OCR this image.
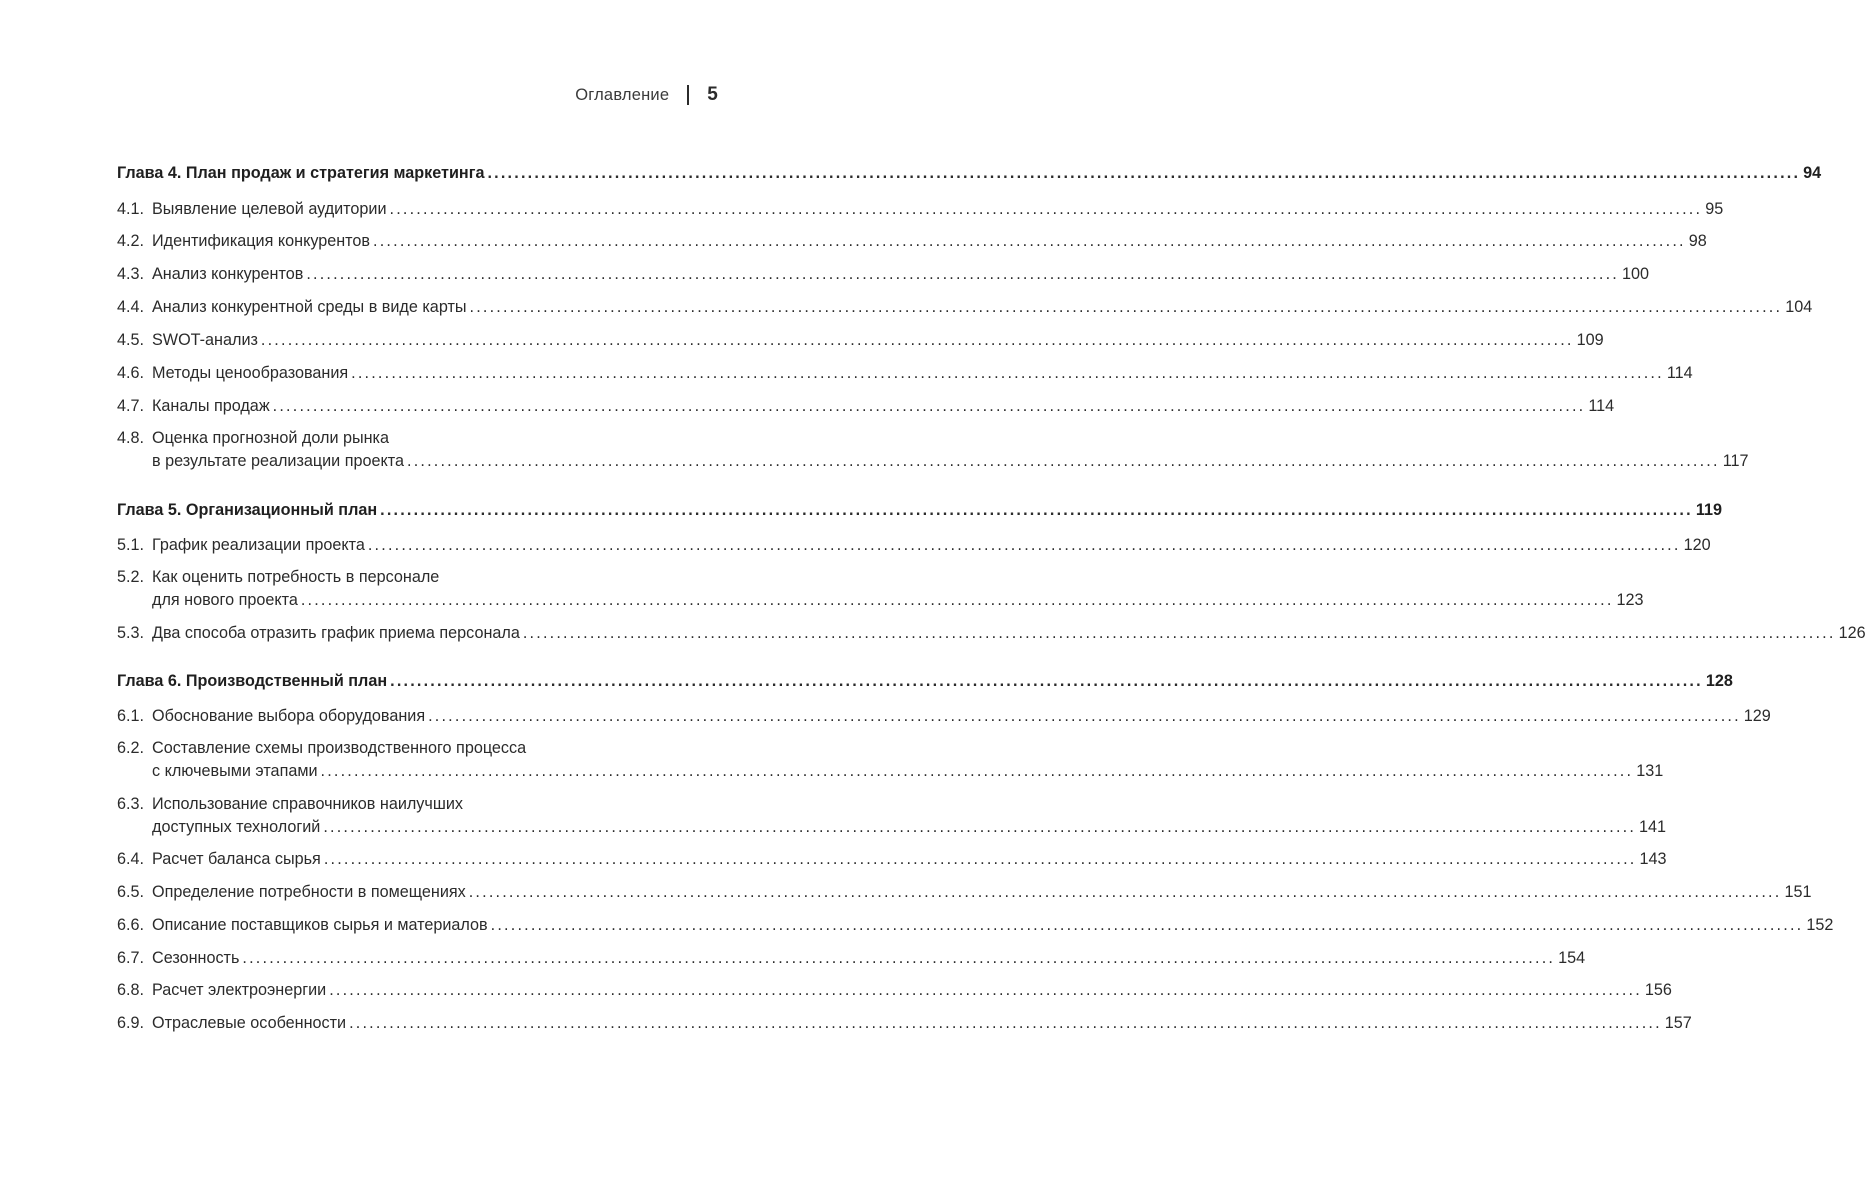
Оглавление 5
Глава 4. План продаж и стратегия маркетинга .....	94
4.1. Выявление целевой аудитории .....	95
4.2. Идентификация конкурентов .....	98
4.3. Анализ конкурентов .....	100
4.4. Анализ конкурентной среды в виде карты .....	104
4.5. SWOT-анализ .....	109
4.6. Методы ценообразования .....	114
4.7. Каналы продаж .....	114
4.8. Оценка прогнозной доли рынка
в результате реализации проекта .....	117
Глава 5. Организационный план .....	119
5.1. График реализации проекта .....	120
5.2. Как оценить потребность в персонале
для нового проекта .....	123
5.3. Два способа отразить график приема персонала .....	126
Глава 6. Производственный план .....	128
6.1. Обоснование выбора оборудования .....	129
6.2. Составление схемы производственного процесса
с ключевыми этапами .....	131
6.3. Использование справочников наилучших
доступных технологий .....	141
6.4. Расчет баланса сырья .....	143
6.5. Определение потребности в помещениях .....	151
6.6. Описание поставщиков сырья и материалов .....	152
6.7. Сезонность .....	154
6.8. Расчет электроэнергии .....	156
6.9. Отраслевые особенности .....	157
